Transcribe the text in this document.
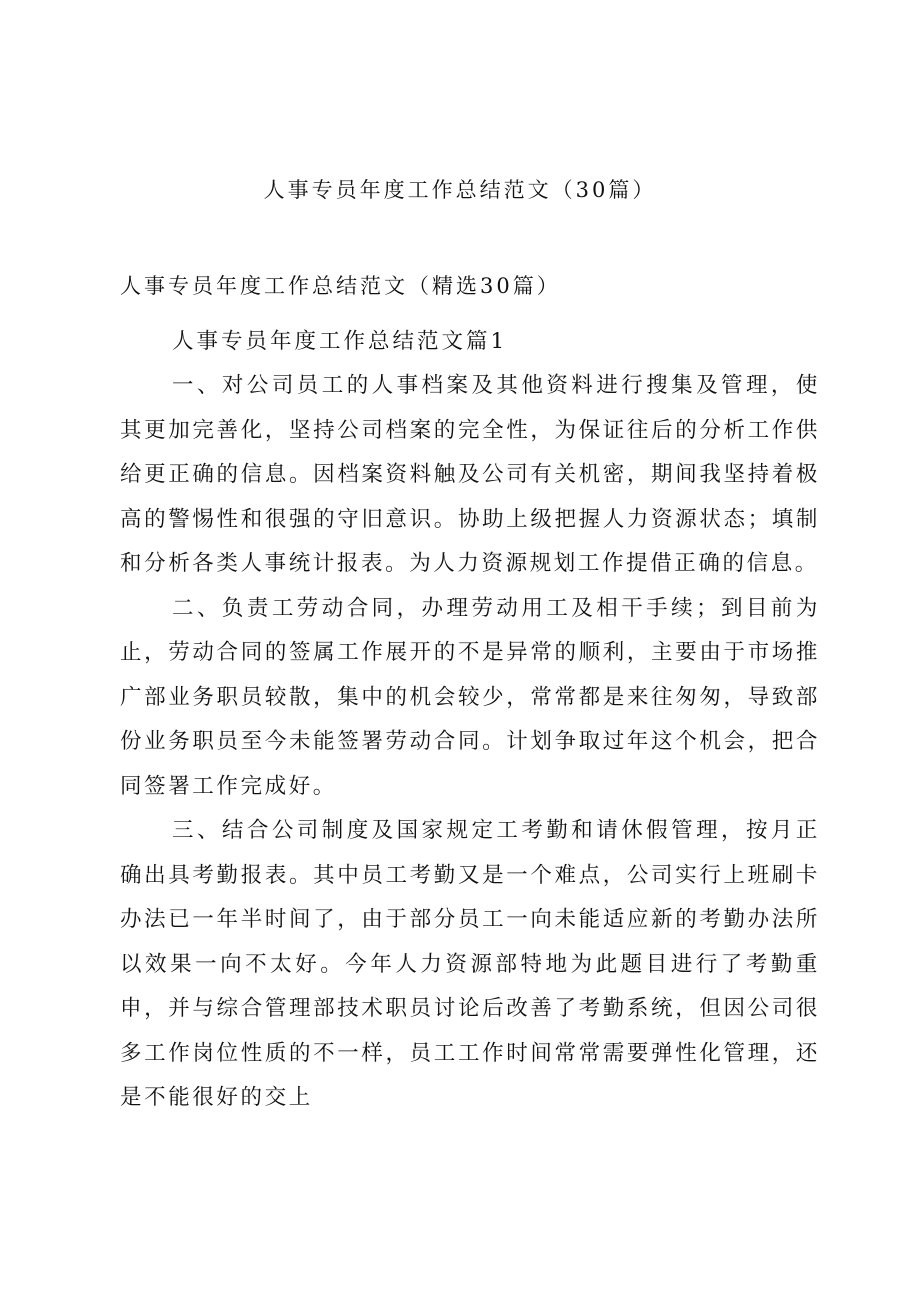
人事专员年度工作总结范文（30篇）
人事专员年度工作总结范文（精选30篇）

人事专员年度工作总结范文篇1

一、对公司员工的人事档案及其他资料进行搜集及管理，使其更加完善化，坚持公司档案的完全性，为保证往后的分析工作供给更正确的信息。因档案资料触及公司有关机密，期间我坚持着极高的警惕性和很强的守旧意识。协助上级把握人力资源状态；填制和分析各类人事统计报表。为人力资源规划工作提借正确的信息。

二、负责工劳动合同，办理劳动用工及相干手续；到目前为止，劳动合同的签属工作展开的不是异常的顺利，主要由于市场推广部业务职员较散，集中的机会较少，常常都是来往匆匆，导致部份业务职员至今未能签署劳动合同。计划争取过年这个机会，把合同签署工作完成好。

三、结合公司制度及国家规定工考勤和请休假管理，按月正确出具考勤报表。其中员工考勤又是一个难点，公司实行上班刷卡办法已一年半时间了，由于部分员工一向未能适应新的考勤办法所以效果一向不太好。今年人力资源部特地为此题目进行了考勤重申，并与综合管理部技术职员讨论后改善了考勤系统，但因公司很多工作岗位性质的不一样，员工工作时间常常需要弹性化管理，还是不能很好的交上
